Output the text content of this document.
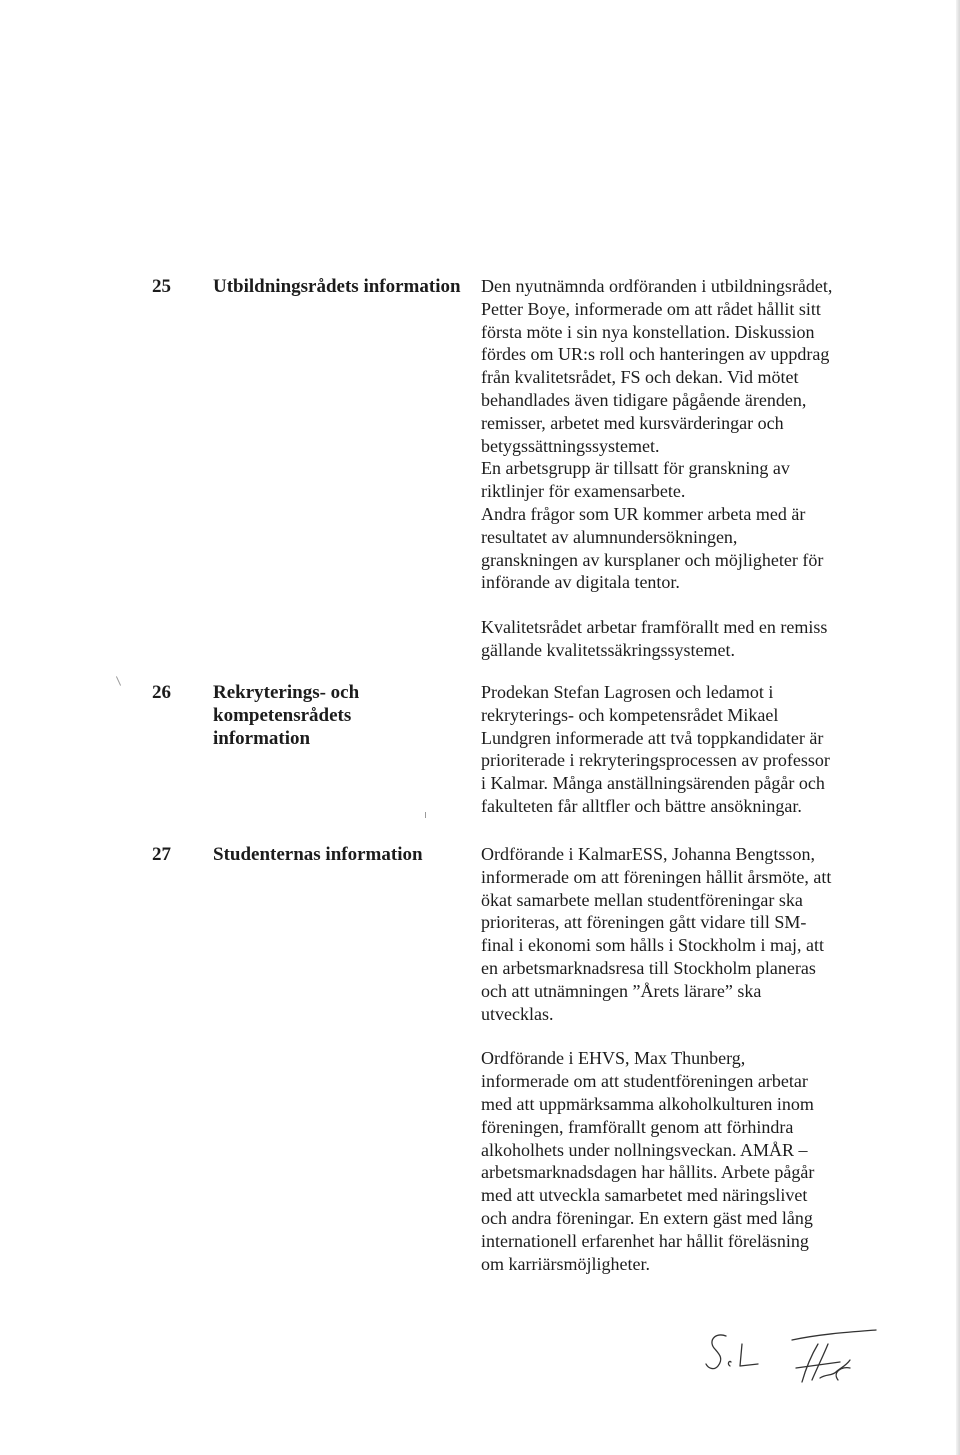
25 Utbildningsrådets information	Den nyutnämnda ordföranden i utbildningsrådet,
Petter Boye, informerade om att rådet hållit sitt
första möte i sin nya konstellation. Diskussion
fördes om UR:s roll och hanteringen av uppdrag
från kvalitetsrådet, FS och dekan. Vid mötet
behandlades även tidigare pågående ärenden,
remisser, arbetet med kursvärderingar och
betygssättningssystemet.
En arbetsgrupp är tillsatt för granskning av
riktlinjer för examensarbete.
Andra frågor som UR kommer arbeta med är
resultatet av alumnundersökningen,
granskningen av kursplaner och möjligheter för
införande av digitala tentor.

Kvalitetsrådet arbetar framförallt med en remiss
gällande kvalitetssäkringssystemet.

26 Rekryterings- och kompetensrådets information

Prodekan Stefan Lagrosen och ledamot i
rekryterings- och kompetensrådet Mikael
Lundgren informerade att två toppkandidater är
prioriterade i rekryteringsprocessen av professor
i Kalmar. Många anställningsärenden pågår och
fakulteten får alltfler och bättre ansökningar.

27 Studenternas information	Ordförande i KalmarESS, Johanna Bengtsson,
informerade om att föreningen hållit årsmöte, att
ökat samarbete mellan studentföreningar ska
prioriteras, att föreningen gått vidare till SM-
final i ekonomi som hålls i Stockholm i maj, att
en arbetsmarknadsresa till Stockholm planeras
och att utnämningen ”Årets lärare” ska
utvecklas.

Ordförande i EHVS, Max Thunberg,
informerade om att studentföreningen arbetar
med att uppmärksamma alkoholkulturen inom
föreningen, framförallt genom att förhindra
alkoholhets under nollningsveckan. AMÅR –
arbetsmarknadsdagen har hållits. Arbete pågår
med att utveckla samarbetet med näringslivet
och andra föreningar. En extern gäst med lång
internationell erfarenhet har hållit föreläsning
om karriärsmöjligheter.
